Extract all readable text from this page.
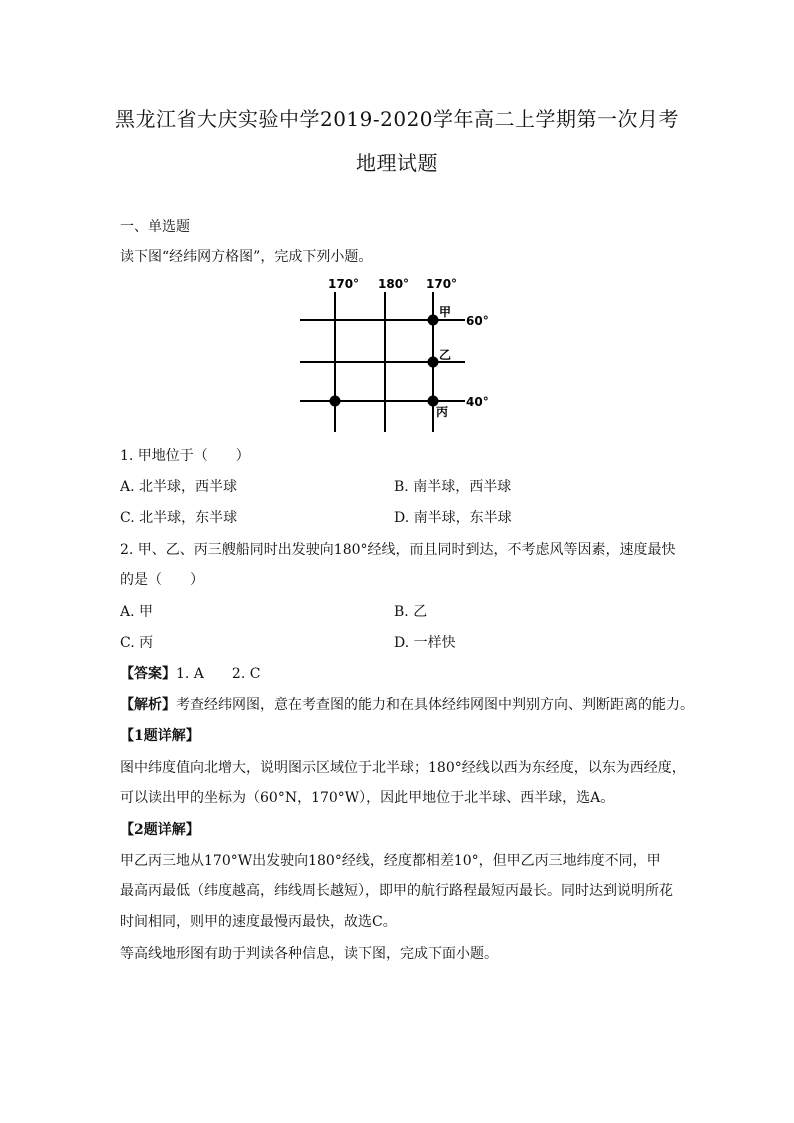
黑龙江省大庆实验中学2019-2020学年高二上学期第一次月考
地理试题
一、单选题
读下图“经纬网方格图”，完成下列小题。
170° 180° 170°
60°
40°
甲
乙
丙
1. 甲地位于（　　）
A. 北半球，西半球	B. 南半球，西半球
C. 北半球，东半球	D. 南半球，东半球
2. 甲、乙、丙三艘船同时出发驶向180°经线，而且同时到达，不考虑风等因素，速度最快
的是（　　）
A. 甲	B. 乙
C. 丙	D. 一样快
【答案】1. A　　2. C
【解析】考查经纬网图，意在考查图的能力和在具体经纬网图中判别方向、判断距离的能力。
【1题详解】
图中纬度值向北增大，说明图示区域位于北半球；180°经线以西为东经度，以东为西经度，
可以读出甲的坐标为（60°N，170°W），因此甲地位于北半球、西半球，选A。
【2题详解】
甲乙丙三地从170°W出发驶向180°经线，经度都相差10°，但甲乙丙三地纬度不同，甲
最高丙最低（纬度越高，纬线周长越短），即甲的航行路程最短丙最长。同时达到说明所花
时间相同，则甲的速度最慢丙最快，故选C。
等高线地形图有助于判读各种信息，读下图，完成下面小题。
